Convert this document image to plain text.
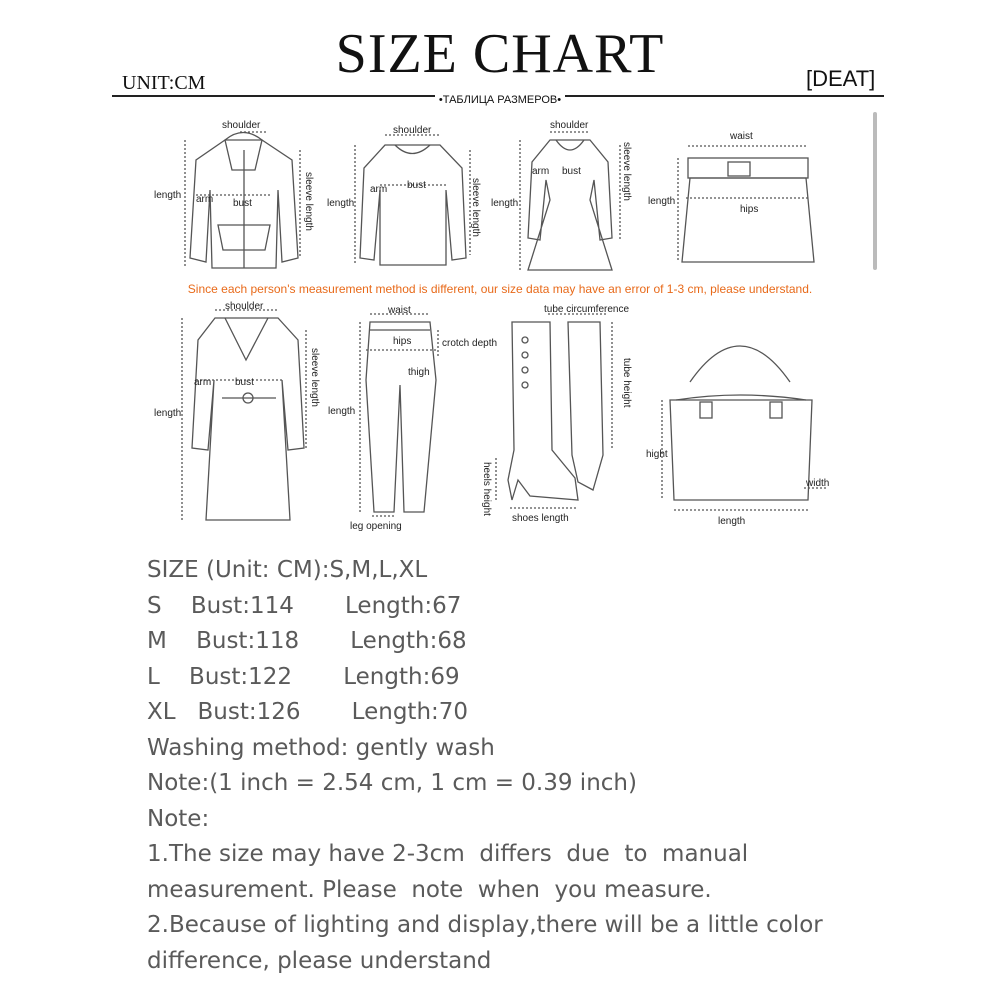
SIZE CHART
UNIT:CM	[DEAT]
•ТАБЛИЦА РАЗМЕРОВ•
Since each person's measurement method is different, our size data may have an error of 1-3 cm, please understand.
shoulder
length arm bust	sleeve length
shoulder
length
arm bust	sleeve length
shoulder
length
arm bust	sleeve length
waist
length
hips
shoulder
length
arm bust	sleeve length
waist
hips	crotch depth
thigh
length
leg opening
tube circumference
tube height
heels height
shoes length
hight
width
length
SIZE (Unit: CM):S,M,L,XL
S    Bust:114       Length:67
M    Bust:118       Length:68
L    Bust:122       Length:69
XL   Bust:126       Length:70
Washing method: gently wash
Note:(1 inch = 2.54 cm, 1 cm = 0.39 inch)
Note:
1.The size may have 2-3cm  differs  due  to  manual
measurement. Please  note  when  you measure.
2.Because of lighting and display,there will be a little color
difference, please understand
